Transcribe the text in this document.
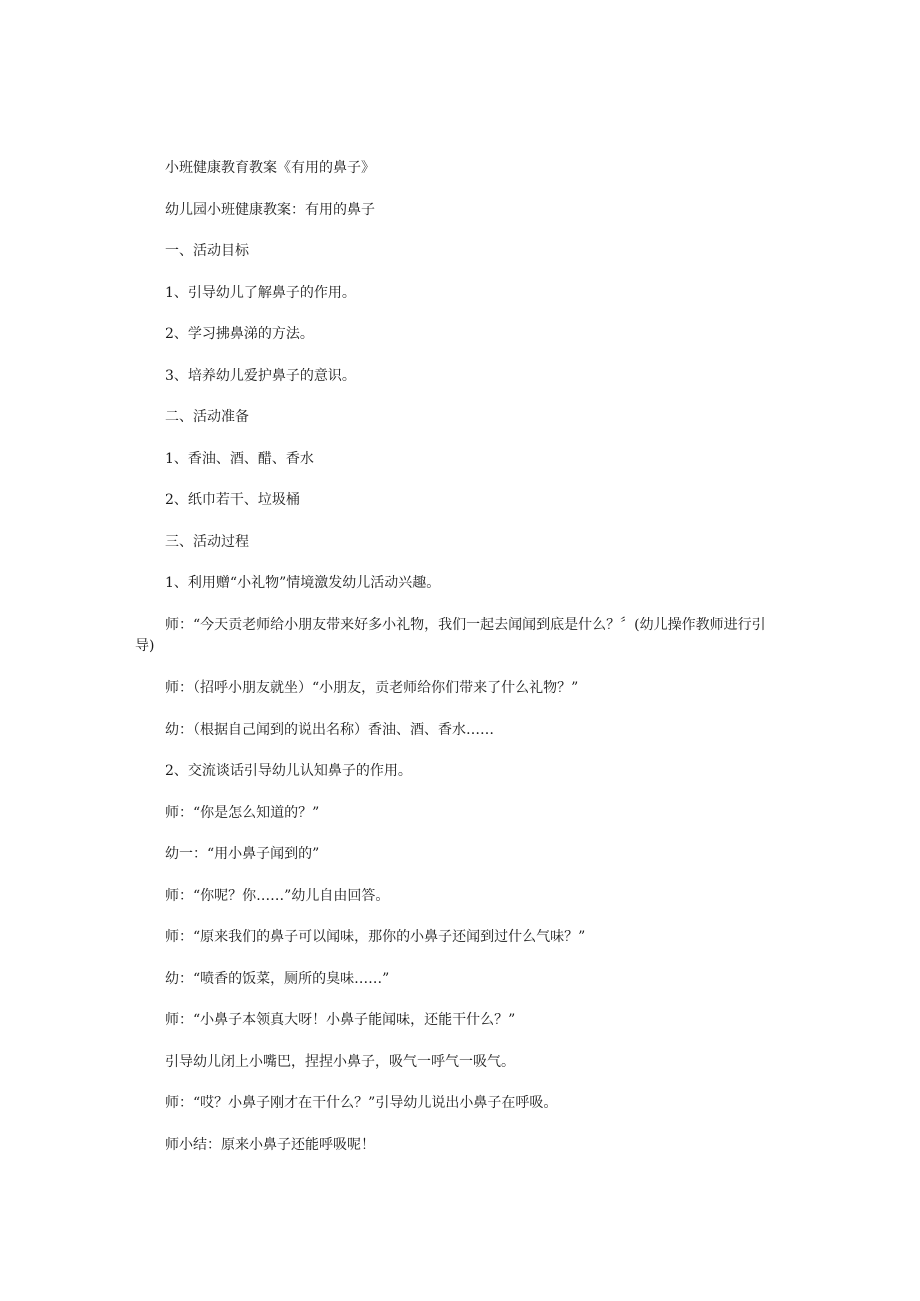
小班健康教育教案《有用的鼻子》

幼儿园小班健康教案：有用的鼻子

一、活动目标

1、引导幼儿了解鼻子的作用。

2、学习拂鼻涕的方法。

3、培养幼儿爱护鼻子的意识。

二、活动准备

1、香油、酒、醋、香水

2、纸巾若干、垃圾桶

三、活动过程

1、利用赠“小礼物”情境激发幼儿活动兴趣。

师：“今天贡老师给小朋友带来好多小礼物，我们一起去闻闻到底是什么？〞(幼儿操作教师进行引导)

师：（招呼小朋友就坐）“小朋友，贡老师给你们带来了什么礼物？”

幼：（根据自己闻到的说出名称）香油、酒、香水……

2、交流谈话引导幼儿认知鼻子的作用。

师：“你是怎么知道的？”

幼一：“用小鼻子闻到的”

师：“你呢？你……”幼儿自由回答。

师：“原来我们的鼻子可以闻味，那你的小鼻子还闻到过什么气味？”

幼：“喷香的饭菜，厕所的臭味……”

师：“小鼻子本领真大呀！小鼻子能闻味，还能干什么？”

引导幼儿闭上小嘴巴，捏捏小鼻子，吸气一呼气一吸气。

师：“哎？小鼻子刚才在干什么？”引导幼儿说出小鼻子在呼吸。

师小结：原来小鼻子还能呼吸呢！
